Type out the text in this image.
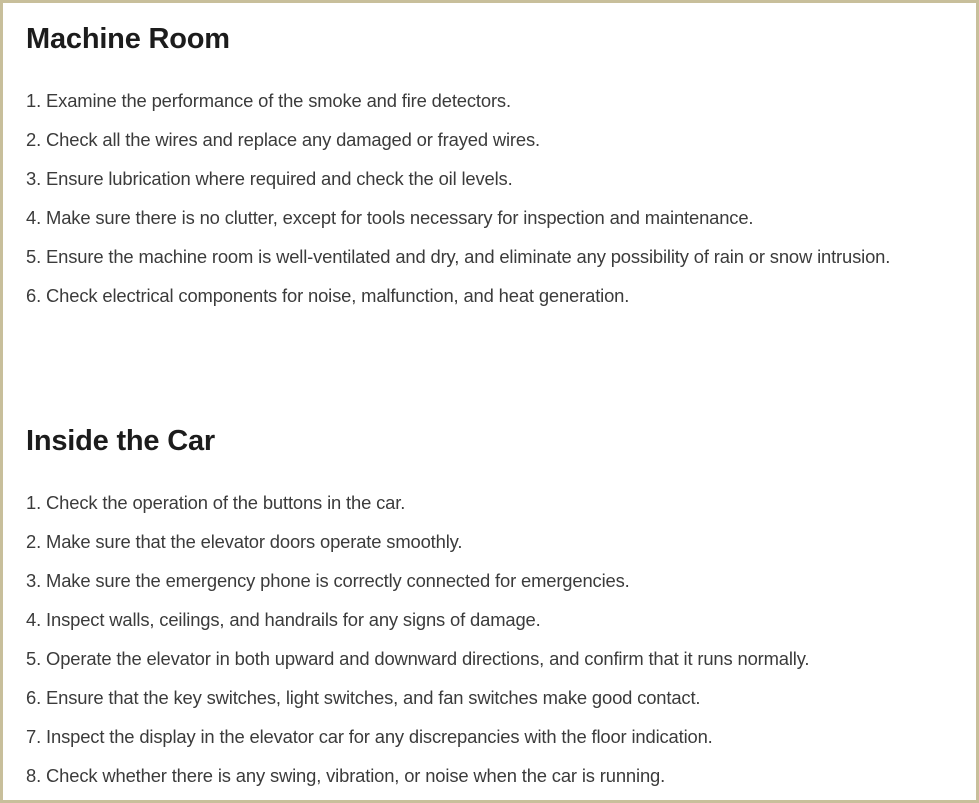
Machine Room
1. Examine the performance of the smoke and fire detectors.
2. Check all the wires and replace any damaged or frayed wires.
3. Ensure lubrication where required and check the oil levels.
4. Make sure there is no clutter, except for tools necessary for inspection and maintenance.
5. Ensure the machine room is well-ventilated and dry, and eliminate any possibility of rain or snow intrusion.
6. Check electrical components for noise, malfunction, and heat generation.
Inside the Car
1. Check the operation of the buttons in the car.
2. Make sure that the elevator doors operate smoothly.
3. Make sure the emergency phone is correctly connected for emergencies.
4. Inspect walls, ceilings, and handrails for any signs of damage.
5. Operate the elevator in both upward and downward directions, and confirm that it runs normally.
6. Ensure that the key switches, light switches, and fan switches make good contact.
7. Inspect the display in the elevator car for any discrepancies with the floor indication.
8. Check whether there is any swing, vibration, or noise when the car is running.
